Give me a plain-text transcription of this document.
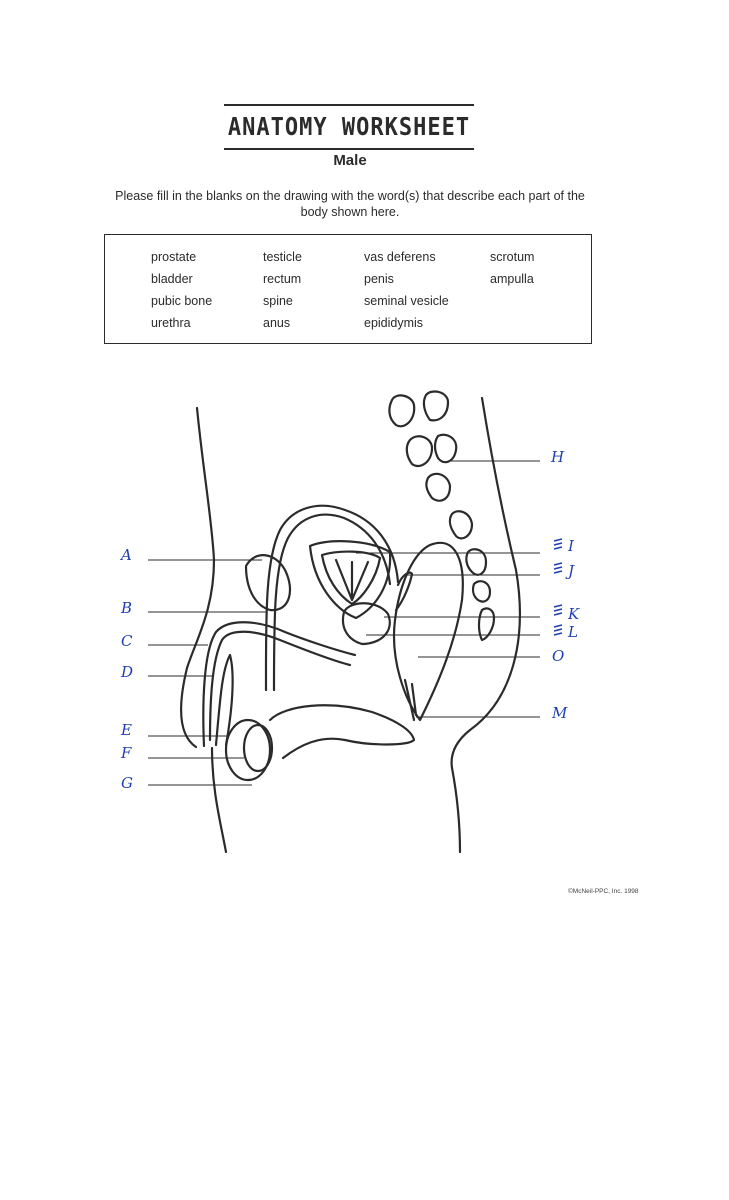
ANATOMY WORKSHEET
Male
Please fill in the blanks on the drawing with the word(s) that describe each part of the body shown here.
prostate
bladder
pubic bone
urethra
testicle
rectum
spine
anus
vas deferens
penis
seminal vesicle
epididymis
scrotum
ampulla
A
B
C
D
E
F
G
H
I
J
K
L
O
M
©McNeil-PPC, Inc. 1998
